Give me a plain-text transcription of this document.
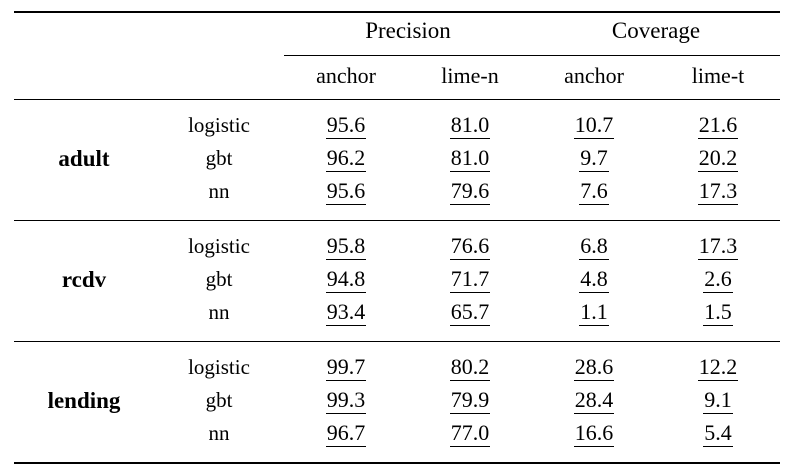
		Precision		Coverage	

		anchor	lime-n	anchor	lime-t

adult	logistic	95.6	81.0	10.7	21.6
	gbt	96.2	81.0	9.7	20.2
	nn	95.6	79.6	7.6	17.3

rcdv	logistic	95.8	76.6	6.8	17.3
	gbt	94.8	71.7	4.8	2.6
	nn	93.4	65.7	1.1	1.5

lending	logistic	99.7	80.2	28.6	12.2
	gbt	99.3	79.9	28.4	9.1
	nn	96.7	77.0	16.6	5.4
